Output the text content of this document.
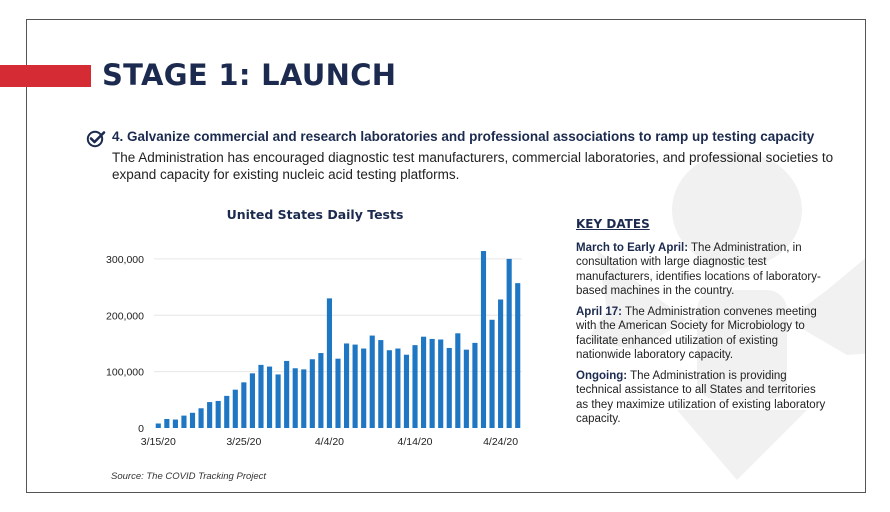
STAGE 1: LAUNCH
4. Galvanize commercial and research laboratories and professional associations to ramp up testing capacity
The Administration has encouraged diagnostic test manufacturers, commercial laboratories, and professional societies to expand capacity for existing nucleic acid testing platforms.
United States Daily Tests
0
100,000
200,000
300,000
3/15/20	3/25/20	4/4/20	4/14/20	4/24/20
Source: The COVID Tracking Project
KEY DATES
March to Early April: The Administration, in consultation with large diagnostic test manufacturers, identifies locations of laboratory-based machines in the country.
April 17: The Administration convenes meeting with the American Society for Microbiology to facilitate enhanced utilization of existing nationwide laboratory capacity.
Ongoing: The Administration is providing technical assistance to all States and territories as they maximize utilization of existing laboratory capacity.
